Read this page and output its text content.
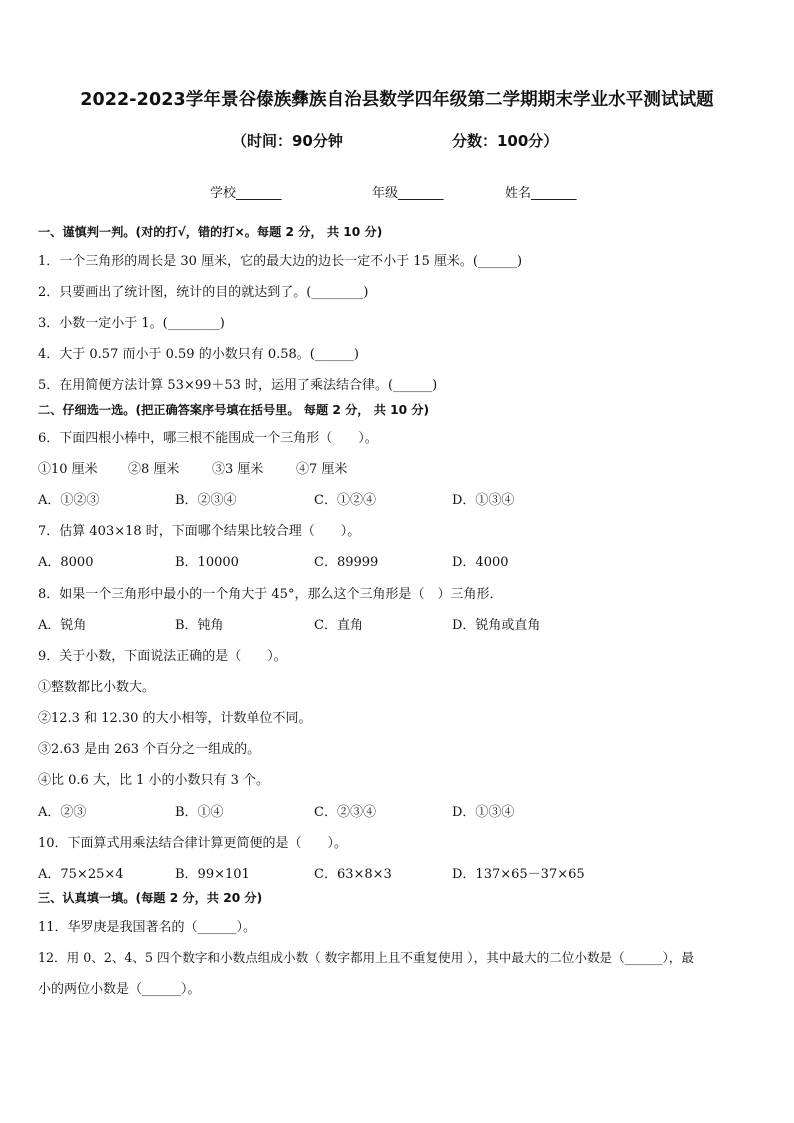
2022-2023学年景谷傣族彝族自治县数学四年级第二学期期末学业水平测试试题
（时间：90分钟	分数：100分）
学校_______	年级_______	姓名_______
一、谨慎判一判。(对的打√，错的打×。每题 2 分， 共 10 分)
1．一个三角形的周长是 30 厘米，它的最大边的边长一定不小于 15 厘米。(______)
2．只要画出了统计图，统计的目的就达到了。(________)
3．小数一定小于 1。(________)
4．大于 0.57 而小于 0.59 的小数只有 0.58。(______)
5．在用简便方法计算 53×99＋53 时，运用了乘法结合律。(______)
二、仔细选一选。(把正确答案序号填在括号里。 每题 2 分， 共 10 分)
6．下面四根小棒中，哪三根不能围成一个三角形（　　）。
①10 厘米 ②8 厘米	③3 厘米	④7 厘米
A．①②③	B．②③④	C．①②④	D．①③④
7．估算 403×18 时，下面哪个结果比较合理（　　）。
A．8000	B．10000	C．89999	D．4000
8．如果一个三角形中最小的一个角大于 45°，那么这个三角形是（　）三角形．
A．锐角	B．钝角	C．直角	D．锐角或直角
9．关于小数，下面说法正确的是（　　）。
①整数都比小数大。
②12.3 和 12.30 的大小相等，计数单位不同。
③2.63 是由 263 个百分之一组成的。
④比 0.6 大，比 1 小的小数只有 3 个。
A．②③	B．①④	C．②③④	D．①③④
10．下面算式用乘法结合律计算更简便的是（　　）。
A．75×25×4	B．99×101	C．63×8×3	D．137×65－37×65
三、认真填一填。(每题 2 分，共 20 分)
11．华罗庚是我国著名的（______）。
12．用 0、2、4、5 四个数字和小数点组成小数（ 数字都用上且不重复使用 ），其中最大的二位小数是（______），最
小的两位小数是（______）。
